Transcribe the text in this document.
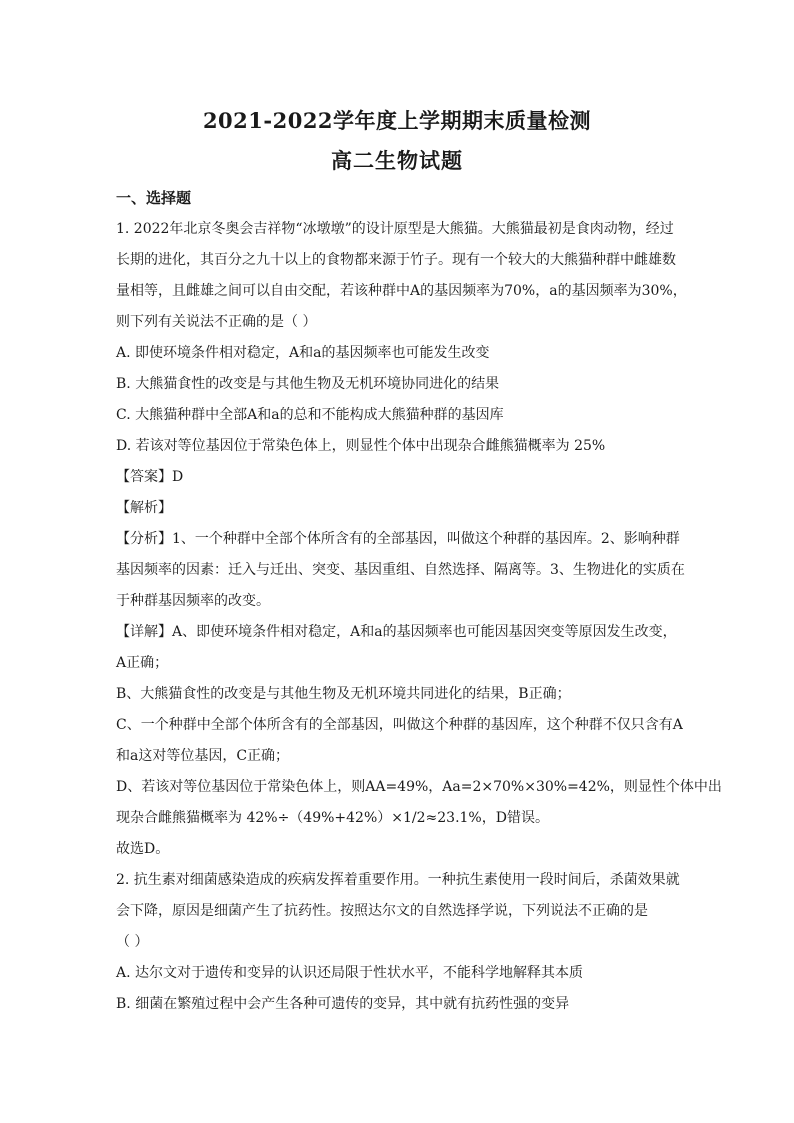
2021-2022学年度上学期期末质量检测
高二生物试题

一、选择题

1. 2022年北京冬奥会吉祥物“冰墩墩”的设计原型是大熊猫。大熊猫最初是食肉动物，经过

长期的进化，其百分之九十以上的食物都来源于竹子。现有一个较大的大熊猫种群中雌雄数

量相等，且雌雄之间可以自由交配，若该种群中A的基因频率为70%，a的基因频率为30%，

则下列有关说法不正确的是（ ）

A. 即使环境条件相对稳定，A和a的基因频率也可能发生改变

B. 大熊猫食性的改变是与其他生物及无机环境协同进化的结果

C. 大熊猫种群中全部A和a的总和不能构成大熊猫种群的基因库

D. 若该对等位基因位于常染色体上，则显性个体中出现杂合雌熊猫概率为 25%

【答案】D

【解析】

【分析】1、一个种群中全部个体所含有的全部基因，叫做这个种群的基因库。2、影响种群

基因频率的因素：迁入与迁出、突变、基因重组、自然选择、隔离等。3、生物进化的实质在

于种群基因频率的改变。

【详解】A、即使环境条件相对稳定，A和a的基因频率也可能因基因突变等原因发生改变，

A正确；

B、大熊猫食性的改变是与其他生物及无机环境共同进化的结果，B正确；

C、一个种群中全部个体所含有的全部基因，叫做这个种群的基因库，这个种群不仅只含有A

和a这对等位基因，C正确；

D、若该对等位基因位于常染色体上，则AA=49%，Aa=2×70%×30%=42%，则显性个体中出

现杂合雌熊猫概率为 42%÷（49%+42%）×1/2≈23.1%，D错误。

故选D。

2. 抗生素对细菌感染造成的疾病发挥着重要作用。一种抗生素使用一段时间后，杀菌效果就

会下降，原因是细菌产生了抗药性。按照达尔文的自然选择学说，下列说法不正确的是

（ ）

A. 达尔文对于遗传和变异的认识还局限于性状水平，不能科学地解释其本质

B. 细菌在繁殖过程中会产生各种可遗传的变异，其中就有抗药性强的变异
